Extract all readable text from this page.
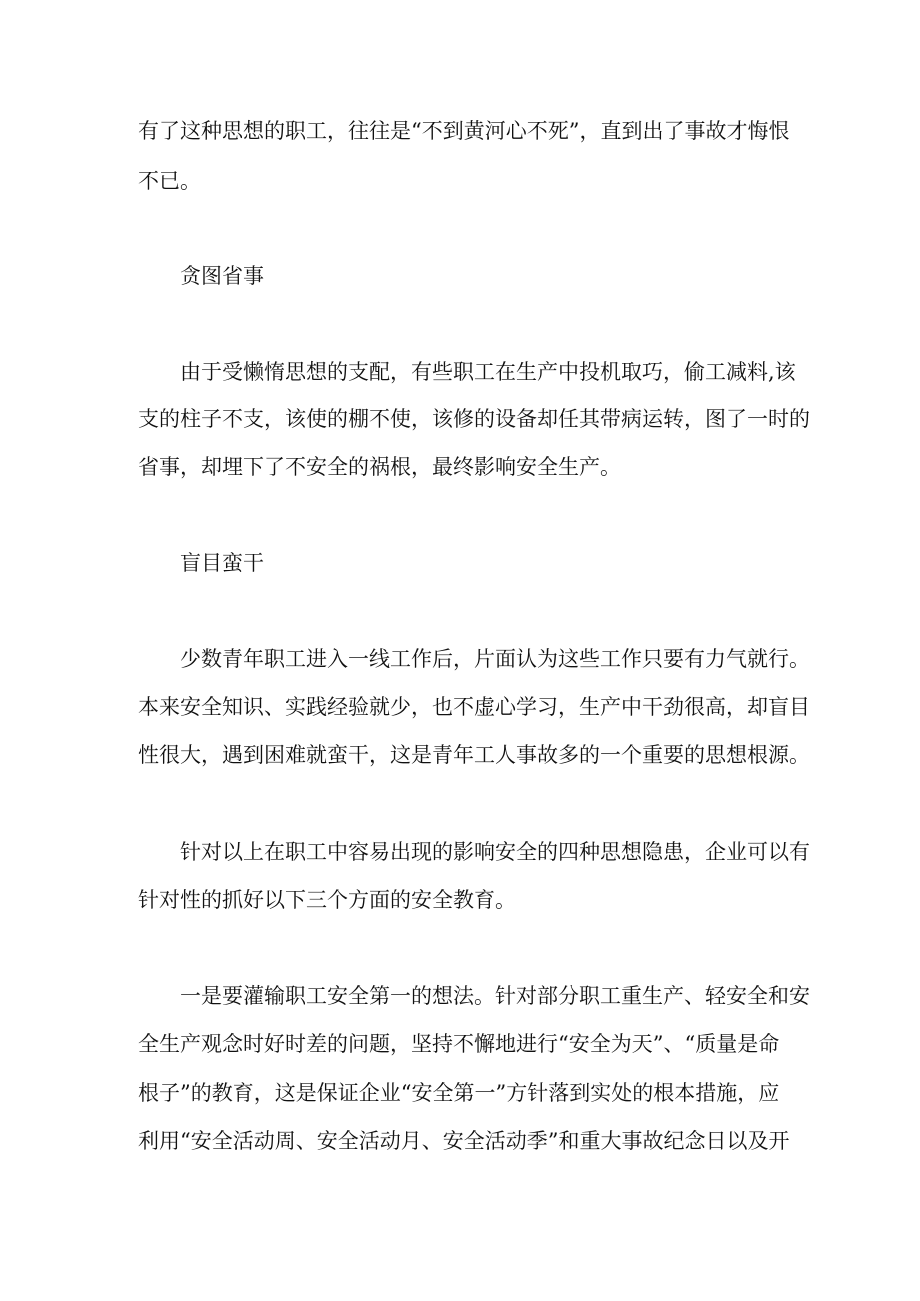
有了这种思想的职工，往往是“不到黄河心不死”，直到出了事故才悔恨
不已。
贪图省事
由于受懒惰思想的支配，有些职工在生产中投机取巧，偷工减料,该
支的柱子不支，该使的棚不使，该修的设备却任其带病运转，图了一时的
省事，却埋下了不安全的祸根，最终影响安全生产。
盲目蛮干
少数青年职工进入一线工作后，片面认为这些工作只要有力气就行。
本来安全知识、实践经验就少，也不虚心学习，生产中干劲很高，却盲目
性很大，遇到困难就蛮干，这是青年工人事故多的一个重要的思想根源。
针对以上在职工中容易出现的影响安全的四种思想隐患，企业可以有
针对性的抓好以下三个方面的安全教育。
一是要灌输职工安全第一的想法。针对部分职工重生产、轻安全和安
全生产观念时好时差的问题，坚持不懈地进行“安全为天”、“质量是命
根子”的教育，这是保证企业“安全第一”方针落到实处的根本措施，应
利用“安全活动周、安全活动月、安全活动季”和重大事故纪念日以及开
